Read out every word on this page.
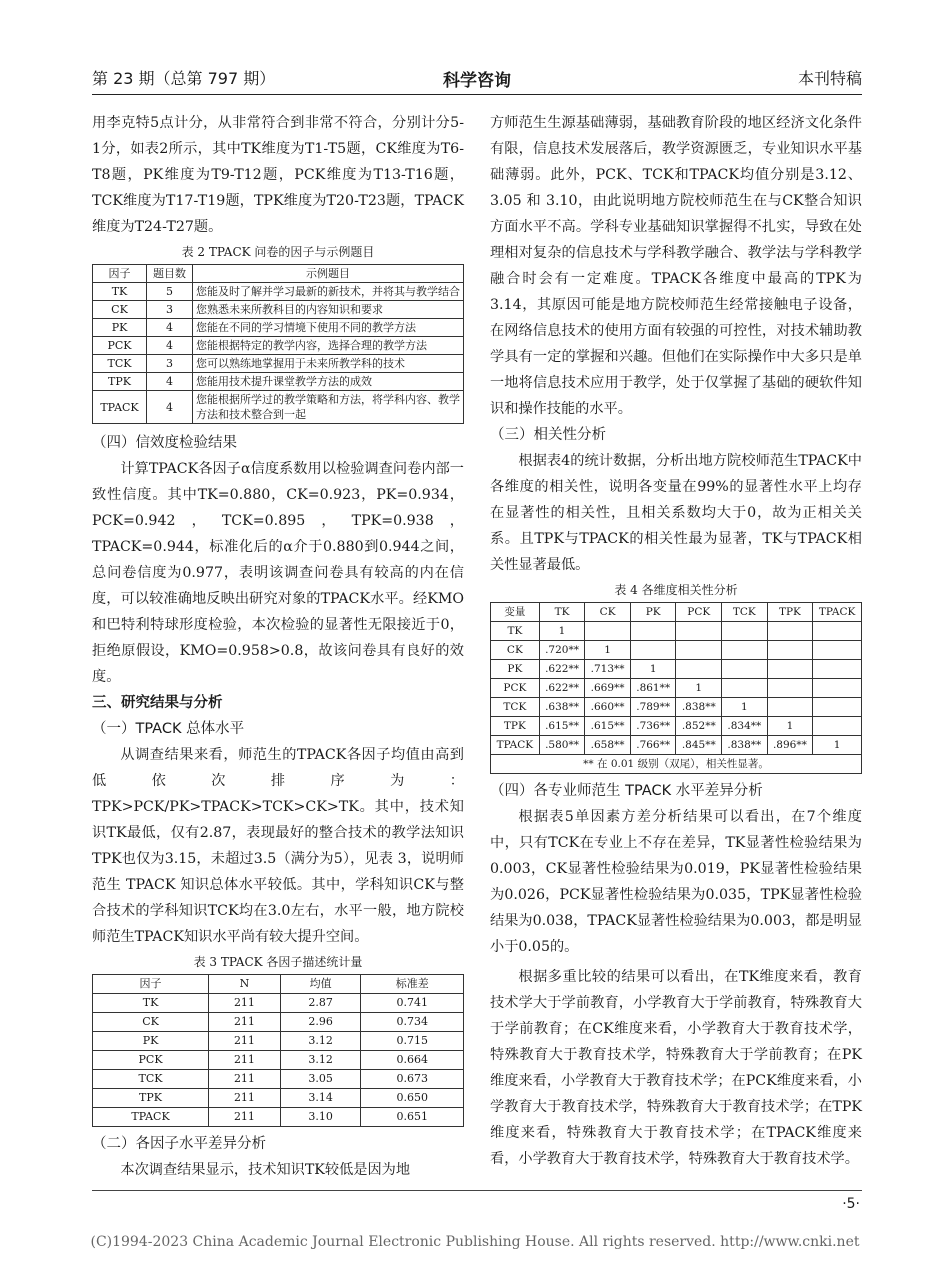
第 23 期（总第 797 期）	科学咨询	本刊特稿

用李克特5点计分，从非常符合到非常不符合，分别计分5-1分，如表2所示，其中TK维度为T1-T5题，CK维度为T6-T8题，PK维度为T9-T12题，PCK维度为T13-T16题，TCK维度为T17-T19题，TPK维度为T20-T23题，TPACK维度为T24-T27题。

表 2 TPACK 问卷的因子与示例题目
因子	题目数	示例题目
TK	5	您能及时了解并学习最新的新技术，并将其与教学结合
CK	3	您熟悉未来所教科目的内容知识和要求
PK	4	您能在不同的学习情境下使用不同的教学方法
PCK	4	您能根据特定的教学内容，选择合理的教学方法
TCK	3	您可以熟练地掌握用于未来所教学科的技术
TPK	4	您能用技术提升课堂教学方法的成效
TPACK	4	您能根据所学过的教学策略和方法，将学科内容、教学方法和技术整合到一起

（四）信效度检验结果

计算TPACK各因子α信度系数用以检验调查问卷内部一致性信度。其中TK=0.880，CK=0.923，PK=0.934，PCK=0.942，TCK=0.895，TPK=0.938，TPACK=0.944，标准化后的α介于0.880到0.944之间，总问卷信度为0.977，表明该调查问卷具有较高的内在信度，可以较准确地反映出研究对象的TPACK水平。经KMO和巴特利特球形度检验，本次检验的显著性无限接近于0，拒绝原假设，KMO=0.958>0.8，故该问卷具有良好的效度。

三、研究结果与分析

（一）TPACK 总体水平

从调查结果来看，师范生的TPACK各因子均值由高到低依次排序为：TPK>PCK/PK>TPACK>TCK>CK>TK。其中，技术知识TK最低，仅有2.87，表现最好的整合技术的教学法知识TPK也仅为3.15，未超过3.5（满分为5），见表 3，说明师范生 TPACK 知识总体水平较低。其中，学科知识CK与整合技术的学科知识TCK均在3.0左右，水平一般，地方院校师范生TPACK知识水平尚有较大提升空间。

表 3 TPACK 各因子描述统计量
因子	N	均值	标准差
TK	211	2.87	0.741
CK	211	2.96	0.734
PK	211	3.12	0.715
PCK	211	3.12	0.664
TCK	211	3.05	0.673
TPK	211	3.14	0.650
TPACK	211	3.10	0.651

（二）各因子水平差异分析

本次调查结果显示，技术知识TK较低是因为地

方师范生生源基础薄弱，基础教育阶段的地区经济文化条件有限，信息技术发展落后，教学资源匮乏，专业知识水平基础薄弱。此外，PCK、TCK和TPACK均值分别是3.12、3.05 和 3.10，由此说明地方院校师范生在与CK整合知识方面水平不高。学科专业基础知识掌握得不扎实，导致在处理相对复杂的信息技术与学科教学融合、教学法与学科教学融合时会有一定难度。TPACK各维度中最高的TPK为3.14，其原因可能是地方院校师范生经常接触电子设备，在网络信息技术的使用方面有较强的可控性，对技术辅助教学具有一定的掌握和兴趣。但他们在实际操作中大多只是单一地将信息技术应用于教学，处于仅掌握了基础的硬软件知识和操作技能的水平。

（三）相关性分析

根据表4的统计数据，分析出地方院校师范生TPACK中各维度的相关性，说明各变量在99%的显著性水平上均存在显著性的相关性，且相关系数均大于0，故为正相关关系。且TPK与TPACK的相关性最为显著，TK与TPACK相关性显著最低。

表 4 各维度相关性分析
变量	TK	CK	PK	PCK	TCK	TPK	TPACK
TK	1						
CK	.720**	1					
PK	.622**	.713**	1				
PCK	.622**	.669**	.861**	1			
TCK	.638**	.660**	.789**	.838**	1		
TPK	.615**	.615**	.736**	.852**	.834**	1	
TPACK	.580**	.658**	.766**	.845**	.838**	.896**	1
** 在 0.01 级别（双尾），相关性显著。							

（四）各专业师范生 TPACK 水平差异分析

根据表5单因素方差分析结果可以看出，在7个维度中，只有TCK在专业上不存在差异，TK显著性检验结果为0.003，CK显著性检验结果为0.019，PK显著性检验结果为0.026，PCK显著性检验结果为0.035，TPK显著性检验结果为0.038，TPACK显著性检验结果为0.003，都是明显小于0.05的。

根据多重比较的结果可以看出，在TK维度来看，教育技术学大于学前教育，小学教育大于学前教育，特殊教育大于学前教育；在CK维度来看，小学教育大于教育技术学，特殊教育大于教育技术学，特殊教育大于学前教育；在PK维度来看，小学教育大于教育技术学；在PCK维度来看，小学教育大于教育技术学，特殊教育大于教育技术学；在TPK维度来看，特殊教育大于教育技术学；在TPACK维度来看，小学教育大于教育技术学，特殊教育大于教育技术学。

·5·
(C)1994-2023 China Academic Journal Electronic Publishing House. All rights reserved. http://www.cnki.net
